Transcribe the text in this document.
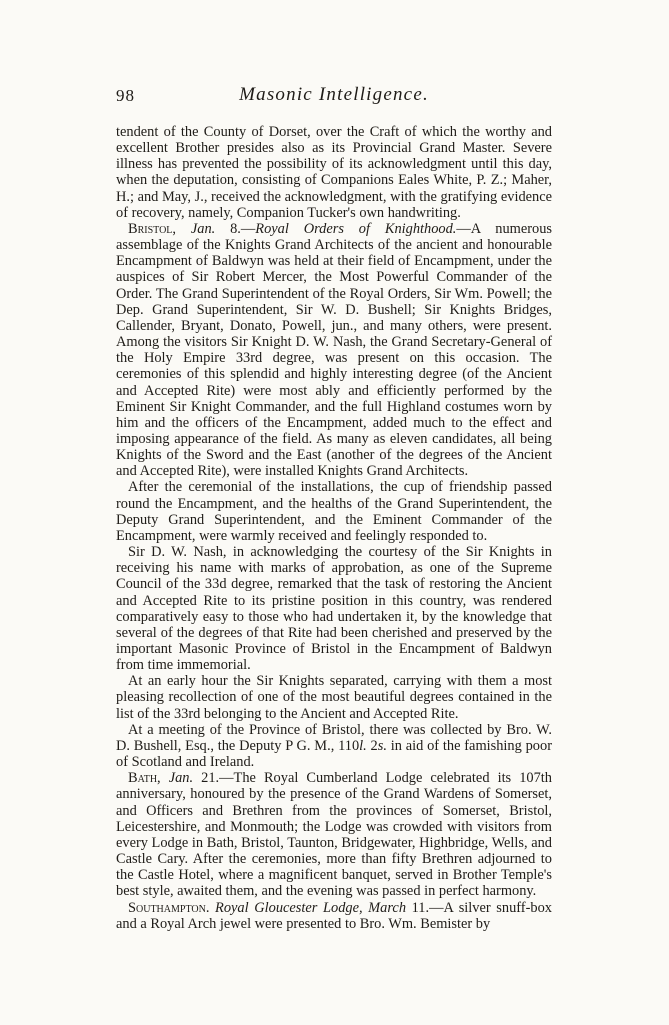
98	Masonic Intelligence.

tendent of the County of Dorset, over the Craft of which the worthy and excellent Brother presides also as its Provincial Grand Master. Severe illness has prevented the possibility of its acknowledgment until this day, when the deputation, consisting of Companions Eales White, P. Z.; Maher, H.; and May, J., received the acknowledgment, with the gratifying evidence of recovery, namely, Companion Tucker's own handwriting.

Bristol, Jan. 8.—Royal Orders of Knighthood.—A numerous assemblage of the Knights Grand Architects of the ancient and honourable Encampment of Baldwyn was held at their field of Encampment, under the auspices of Sir Robert Mercer, the Most Powerful Commander of the Order. The Grand Superintendent of the Royal Orders, Sir Wm. Powell; the Dep. Grand Superintendent, Sir W. D. Bushell; Sir Knights Bridges, Callender, Bryant, Donato, Powell, jun., and many others, were present. Among the visitors Sir Knight D. W. Nash, the Grand Secretary-General of the Holy Empire 33rd degree, was present on this occasion. The ceremonies of this splendid and highly interesting degree (of the Ancient and Accepted Rite) were most ably and efficiently performed by the Eminent Sir Knight Commander, and the full Highland costumes worn by him and the officers of the Encampment, added much to the effect and imposing appearance of the field. As many as eleven candidates, all being Knights of the Sword and the East (another of the degrees of the Ancient and Accepted Rite), were installed Knights Grand Architects.

After the ceremonial of the installations, the cup of friendship passed round the Encampment, and the healths of the Grand Superintendent, the Deputy Grand Superintendent, and the Eminent Commander of the Encampment, were warmly received and feelingly responded to.

Sir D. W. Nash, in acknowledging the courtesy of the Sir Knights in receiving his name with marks of approbation, as one of the Supreme Council of the 33d degree, remarked that the task of restoring the Ancient and Accepted Rite to its pristine position in this country, was rendered comparatively easy to those who had undertaken it, by the knowledge that several of the degrees of that Rite had been cherished and preserved by the important Masonic Province of Bristol in the Encampment of Baldwyn from time immemorial.

At an early hour the Sir Knights separated, carrying with them a most pleasing recollection of one of the most beautiful degrees contained in the list of the 33rd belonging to the Ancient and Accepted Rite.

At a meeting of the Province of Bristol, there was collected by Bro. W. D. Bushell, Esq., the Deputy P G. M., 110l. 2s. in aid of the famishing poor of Scotland and Ireland.

Bath, Jan. 21.—The Royal Cumberland Lodge celebrated its 107th anniversary, honoured by the presence of the Grand Wardens of Somerset, and Officers and Brethren from the provinces of Somerset, Bristol, Leicestershire, and Monmouth; the Lodge was crowded with visitors from every Lodge in Bath, Bristol, Taunton, Bridgewater, Highbridge, Wells, and Castle Cary. After the ceremonies, more than fifty Brethren adjourned to the Castle Hotel, where a magnificent banquet, served in Brother Temple's best style, awaited them, and the evening was passed in perfect harmony.

Southampton. Royal Gloucester Lodge, March 11.—A silver snuff-box and a Royal Arch jewel were presented to Bro. Wm. Bemister by
